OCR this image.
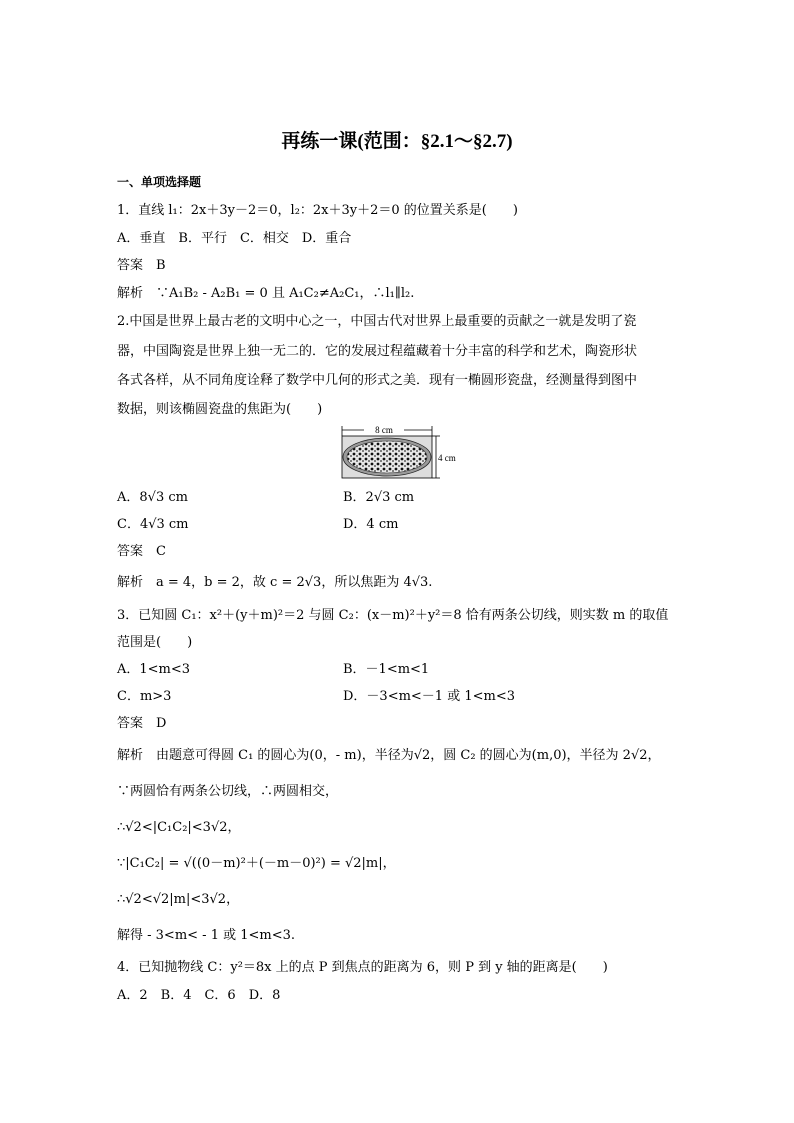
再练一课(范围：§2.1～§2.7)
一、单项选择题
1．直线 l₁：2x＋3y－2＝0，l₂：2x＋3y＋2＝0 的位置关系是(　　)
A．垂直　B．平行　C．相交　D．重合
答案　B
解析　∵A₁B₂ - A₂B₁ = 0 且 A₁C₂≠A₂C₁，∴l₁∥l₂.
2.中国是世界上最古老的文明中心之一，中国古代对世界上最重要的贡献之一就是发明了瓷
器，中国陶瓷是世界上独一无二的．它的发展过程蕴藏着十分丰富的科学和艺术，陶瓷形状
各式各样，从不同角度诠释了数学中几何的形式之美．现有一椭圆形瓷盘，经测量得到图中
数据，则该椭圆瓷盘的焦距为(　　)
8 cm
4 cm
A．8√3 cm	B．2√3 cm
C．4√3 cm	D．4 cm
答案　C
解析　a = 4，b = 2，故 c = 2√3，所以焦距为 4√3.
3．已知圆 C₁：x²＋(y＋m)²＝2 与圆 C₂：(x－m)²＋y²＝8 恰有两条公切线，则实数 m 的取值
范围是(　　)
A．1<m<3	B．－1<m<1
C．m>3	D．－3<m<－1 或 1<m<3
答案　D
解析　由题意可得圆 C₁ 的圆心为(0，- m)，半径为√2，圆 C₂ 的圆心为(m,0)，半径为 2√2，
∵两圆恰有两条公切线，∴两圆相交，
∴√2<|C₁C₂|<3√2，
∵|C₁C₂| = √((0－m)²＋(－m－0)²) = √2|m|，
∴√2<√2|m|<3√2，
解得 - 3<m< - 1 或 1<m<3.
4．已知抛物线 C：y²＝8x 上的点 P 到焦点的距离为 6，则 P 到 y 轴的距离是(　　)
A．2　B．4　C．6　D．8
